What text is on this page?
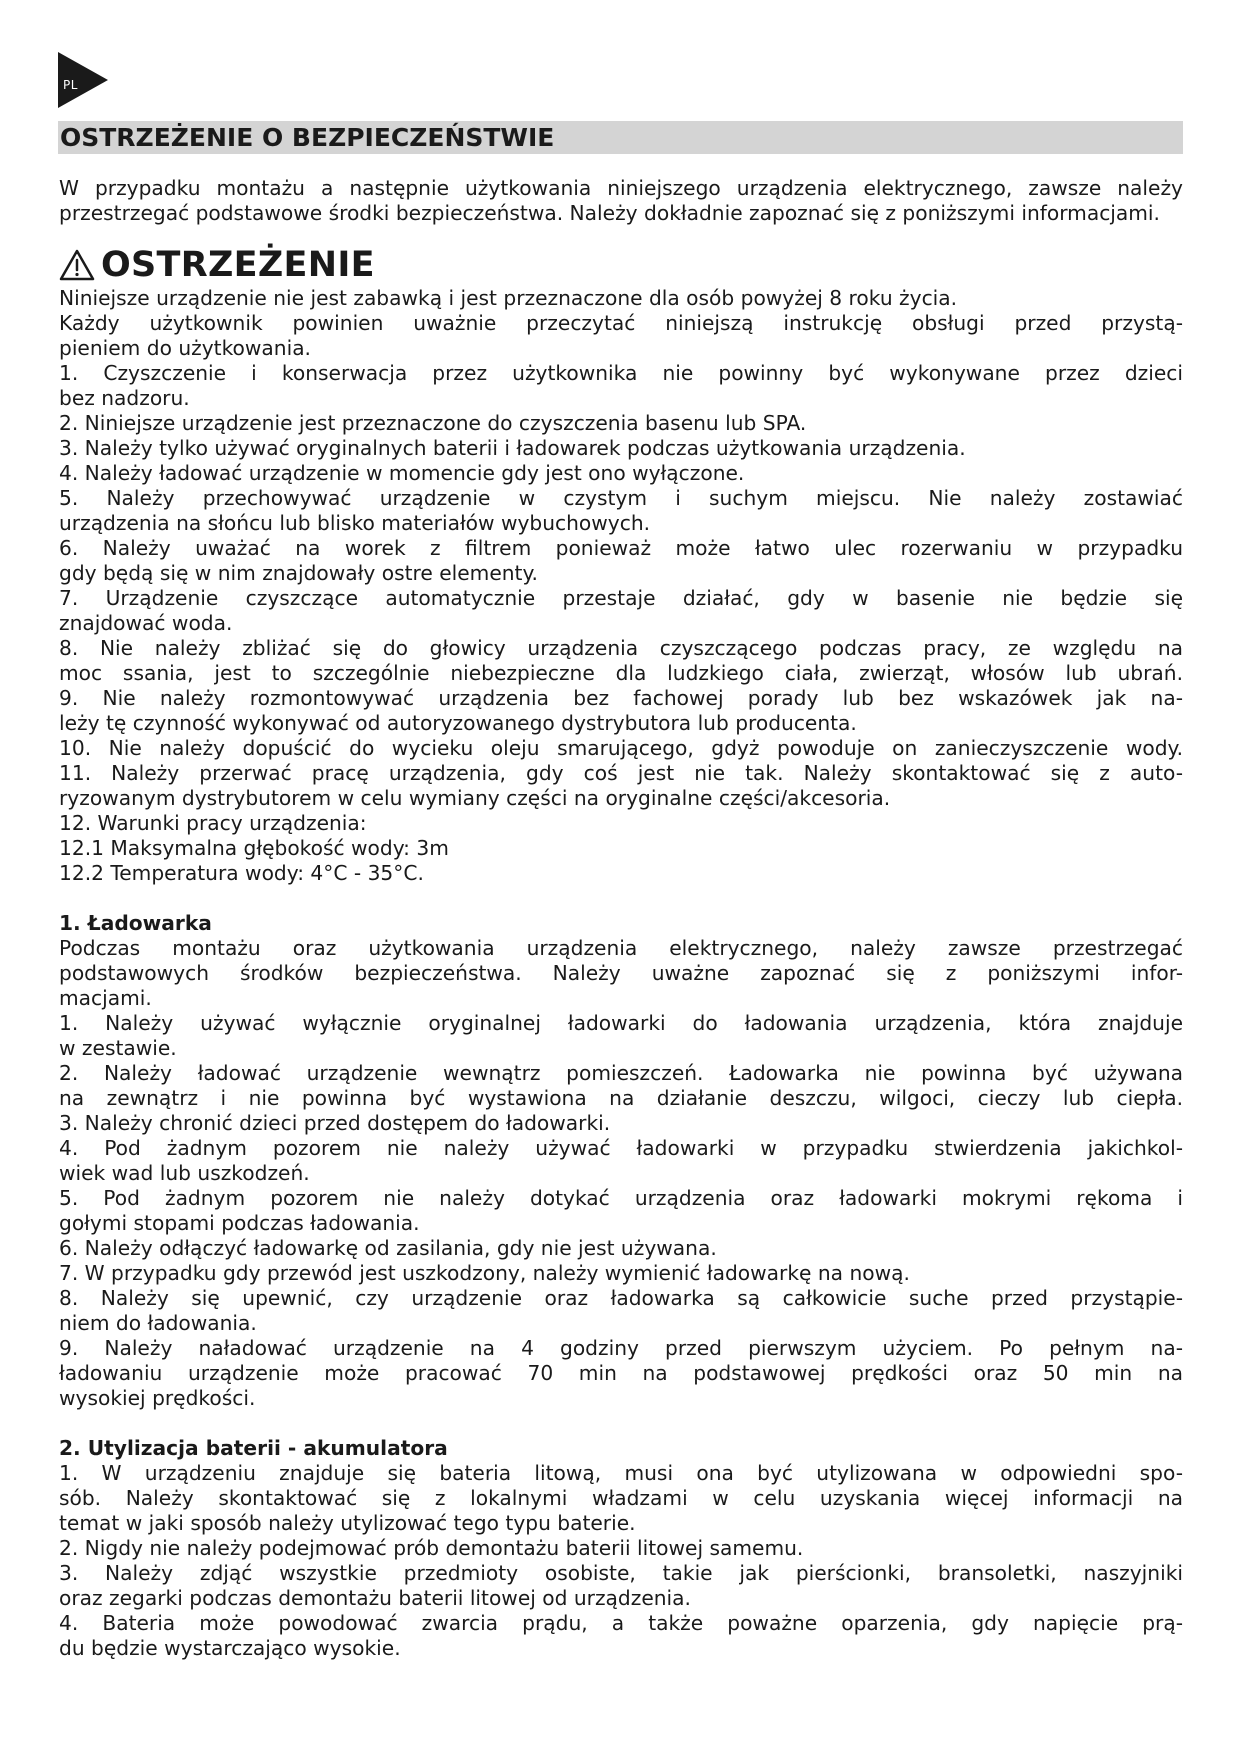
PL
OSTRZEŻENIE O BEZPIECZEŃSTWIE

W przypadku montażu a następnie użytkowania niniejszego urządzenia elektrycznego, zawsze należy przestrzegać podstawowe środki bezpieczeństwa. Należy dokładnie zapoznać się z poniższymi informacjami.

OSTRZEŻENIE
Niniejsze urządzenie nie jest zabawką i jest przeznaczone dla osób powyżej 8 roku życia.
Każdy użytkownik powinien uważnie przeczytać niniejszą instrukcję obsługi przed przystą-
pieniem do użytkowania.
1. Czyszczenie i konserwacja przez użytkownika nie powinny być wykonywane przez dzieci
bez nadzoru.
2. Niniejsze urządzenie jest przeznaczone do czyszczenia basenu lub SPA.
3. Należy tylko używać oryginalnych baterii i ładowarek podczas użytkowania urządzenia.
4. Należy ładować urządzenie w momencie gdy jest ono wyłączone.
5. Należy przechowywać urządzenie w czystym i suchym miejscu. Nie należy zostawiać
urządzenia na słońcu lub blisko materiałów wybuchowych.
6. Należy uważać na worek z filtrem ponieważ może łatwo ulec rozerwaniu w przypadku
gdy będą się w nim znajdowały ostre elementy.
7. Urządzenie czyszczące automatycznie przestaje działać, gdy w basenie nie będzie się
znajdować woda.
8. Nie należy zbliżać się do głowicy urządzenia czyszczącego podczas pracy, ze względu na
moc ssania, jest to szczególnie niebezpieczne dla ludzkiego ciała, zwierząt, włosów lub ubrań.
9. Nie należy rozmontowywać urządzenia bez fachowej porady lub bez wskazówek jak na-
leży tę czynność wykonywać od autoryzowanego dystrybutora lub producenta.
10. Nie należy dopuścić do wycieku oleju smarującego, gdyż powoduje on zanieczyszczenie wody.
11. Należy przerwać pracę urządzenia, gdy coś jest nie tak. Należy skontaktować się z auto-
ryzowanym dystrybutorem w celu wymiany części na oryginalne części/akcesoria.
12. Warunki pracy urządzenia:
12.1 Maksymalna głębokość wody: 3m
12.2 Temperatura wody: 4°C - 35°C.
1. Ładowarka
Podczas montażu oraz użytkowania urządzenia elektrycznego, należy zawsze przestrzegać
podstawowych środków bezpieczeństwa. Należy uważne zapoznać się z poniższymi infor-
macjami.
1. Należy używać wyłącznie oryginalnej ładowarki do ładowania urządzenia, która znajduje
w zestawie.
2. Należy ładować urządzenie wewnątrz pomieszczeń. Ładowarka nie powinna być używana
na zewnątrz i nie powinna być wystawiona na działanie deszczu, wilgoci, cieczy lub ciepła.
3. Należy chronić dzieci przed dostępem do ładowarki.
4. Pod żadnym pozorem nie należy używać ładowarki w przypadku stwierdzenia jakichkol-
wiek wad lub uszkodzeń.
5. Pod żadnym pozorem nie należy dotykać urządzenia oraz ładowarki mokrymi rękoma i
gołymi stopami podczas ładowania.
6. Należy odłączyć ładowarkę od zasilania, gdy nie jest używana.
7. W przypadku gdy przewód jest uszkodzony, należy wymienić ładowarkę na nową.
8. Należy się upewnić, czy urządzenie oraz ładowarka są całkowicie suche przed przystąpie-
niem do ładowania.
9. Należy naładować urządzenie na 4 godziny przed pierwszym użyciem. Po pełnym na-
ładowaniu urządzenie może pracować 70 min na podstawowej prędkości oraz 50 min na
wysokiej prędkości.
2. Utylizacja baterii - akumulatora
1. W urządzeniu znajduje się bateria litową, musi ona być utylizowana w odpowiedni spo-
sób. Należy skontaktować się z lokalnymi władzami w celu uzyskania więcej informacji na
temat w jaki sposób należy utylizować tego typu baterie.
2. Nigdy nie należy podejmować prób demontażu baterii litowej samemu.
3. Należy zdjąć wszystkie przedmioty osobiste, takie jak pierścionki, bransoletki, naszyjniki
oraz zegarki podczas demontażu baterii litowej od urządzenia.
4. Bateria może powodować zwarcia prądu, a także poważne oparzenia, gdy napięcie prą-
du będzie wystarczająco wysokie.
